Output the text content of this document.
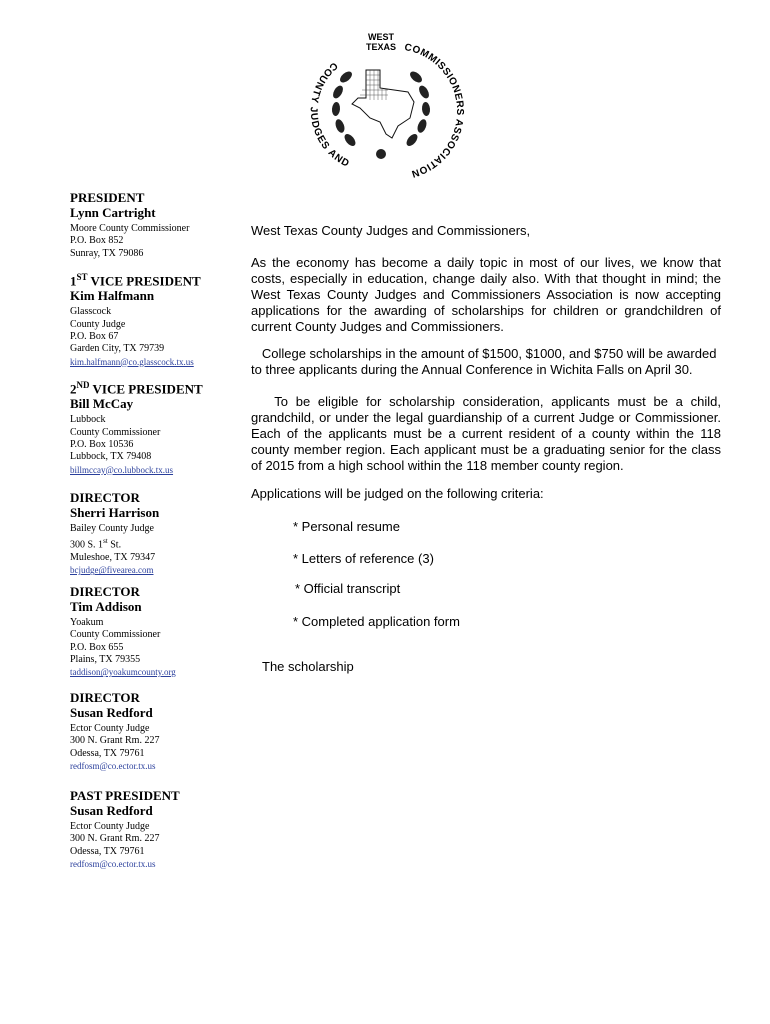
WEST
TEXAS
COUNTY JUDGES AND
COMMISSIONERS ASSOCIATION
PRESIDENT
Lynn Cartright
Moore County Commissioner
P.O. Box 852
Sunray, TX 79086
1ST VICE PRESIDENT
Kim Halfmann
Glasscock
County Judge
P.O. Box 67
Garden City, TX 79739
kim.halfmann@co.glasscock.tx.us
2ND VICE PRESIDENT
Bill McCay
Lubbock
County Commissioner
P.O. Box 10536
Lubbock, TX 79408
billmccay@co.lubbock.tx.us
DIRECTOR
Sherri Harrison
Bailey County Judge
300 S. 1st St.
Muleshoe, TX 79347
bcjudge@fivearea.com
DIRECTOR
Tim Addison
Yoakum
County Commissioner
P.O. Box 655
Plains, TX 79355
taddison@yoakumcounty.org
DIRECTOR
Susan Redford
Ector County Judge
300 N. Grant Rm. 227
Odessa, TX 79761
redfosm@co.ector.tx.us
PAST PRESIDENT
Susan Redford
Ector County Judge
300 N. Grant Rm. 227
Odessa, TX 79761
redfosm@co.ector.tx.us

West Texas County Judges and Commissioners,

As the economy has become a daily topic in most of our lives, we know that costs, especially in education, change daily also. With that thought in mind; the West Texas County Judges and Commissioners Association is now accepting applications for the awarding of scholarships for children or grandchildren of current County Judges and Commissioners.

College scholarships in the amount of $1500, $1000, and $750 will be awarded to three applicants during the Annual Conference in Wichita Falls on April 30.

To be eligible for scholarship consideration, applicants must be a child, grandchild, or under the legal guardianship of a current Judge or Commissioner. Each of the applicants must be a current resident of a county within the 118 county member region. Each applicant must be a graduating senior for the class of 2015 from a high school within the 118 member county region.

Applications will be judged on the following criteria:

* Personal resume

* Letters of reference (3)

* Official transcript

* Completed application form

The scholarship
